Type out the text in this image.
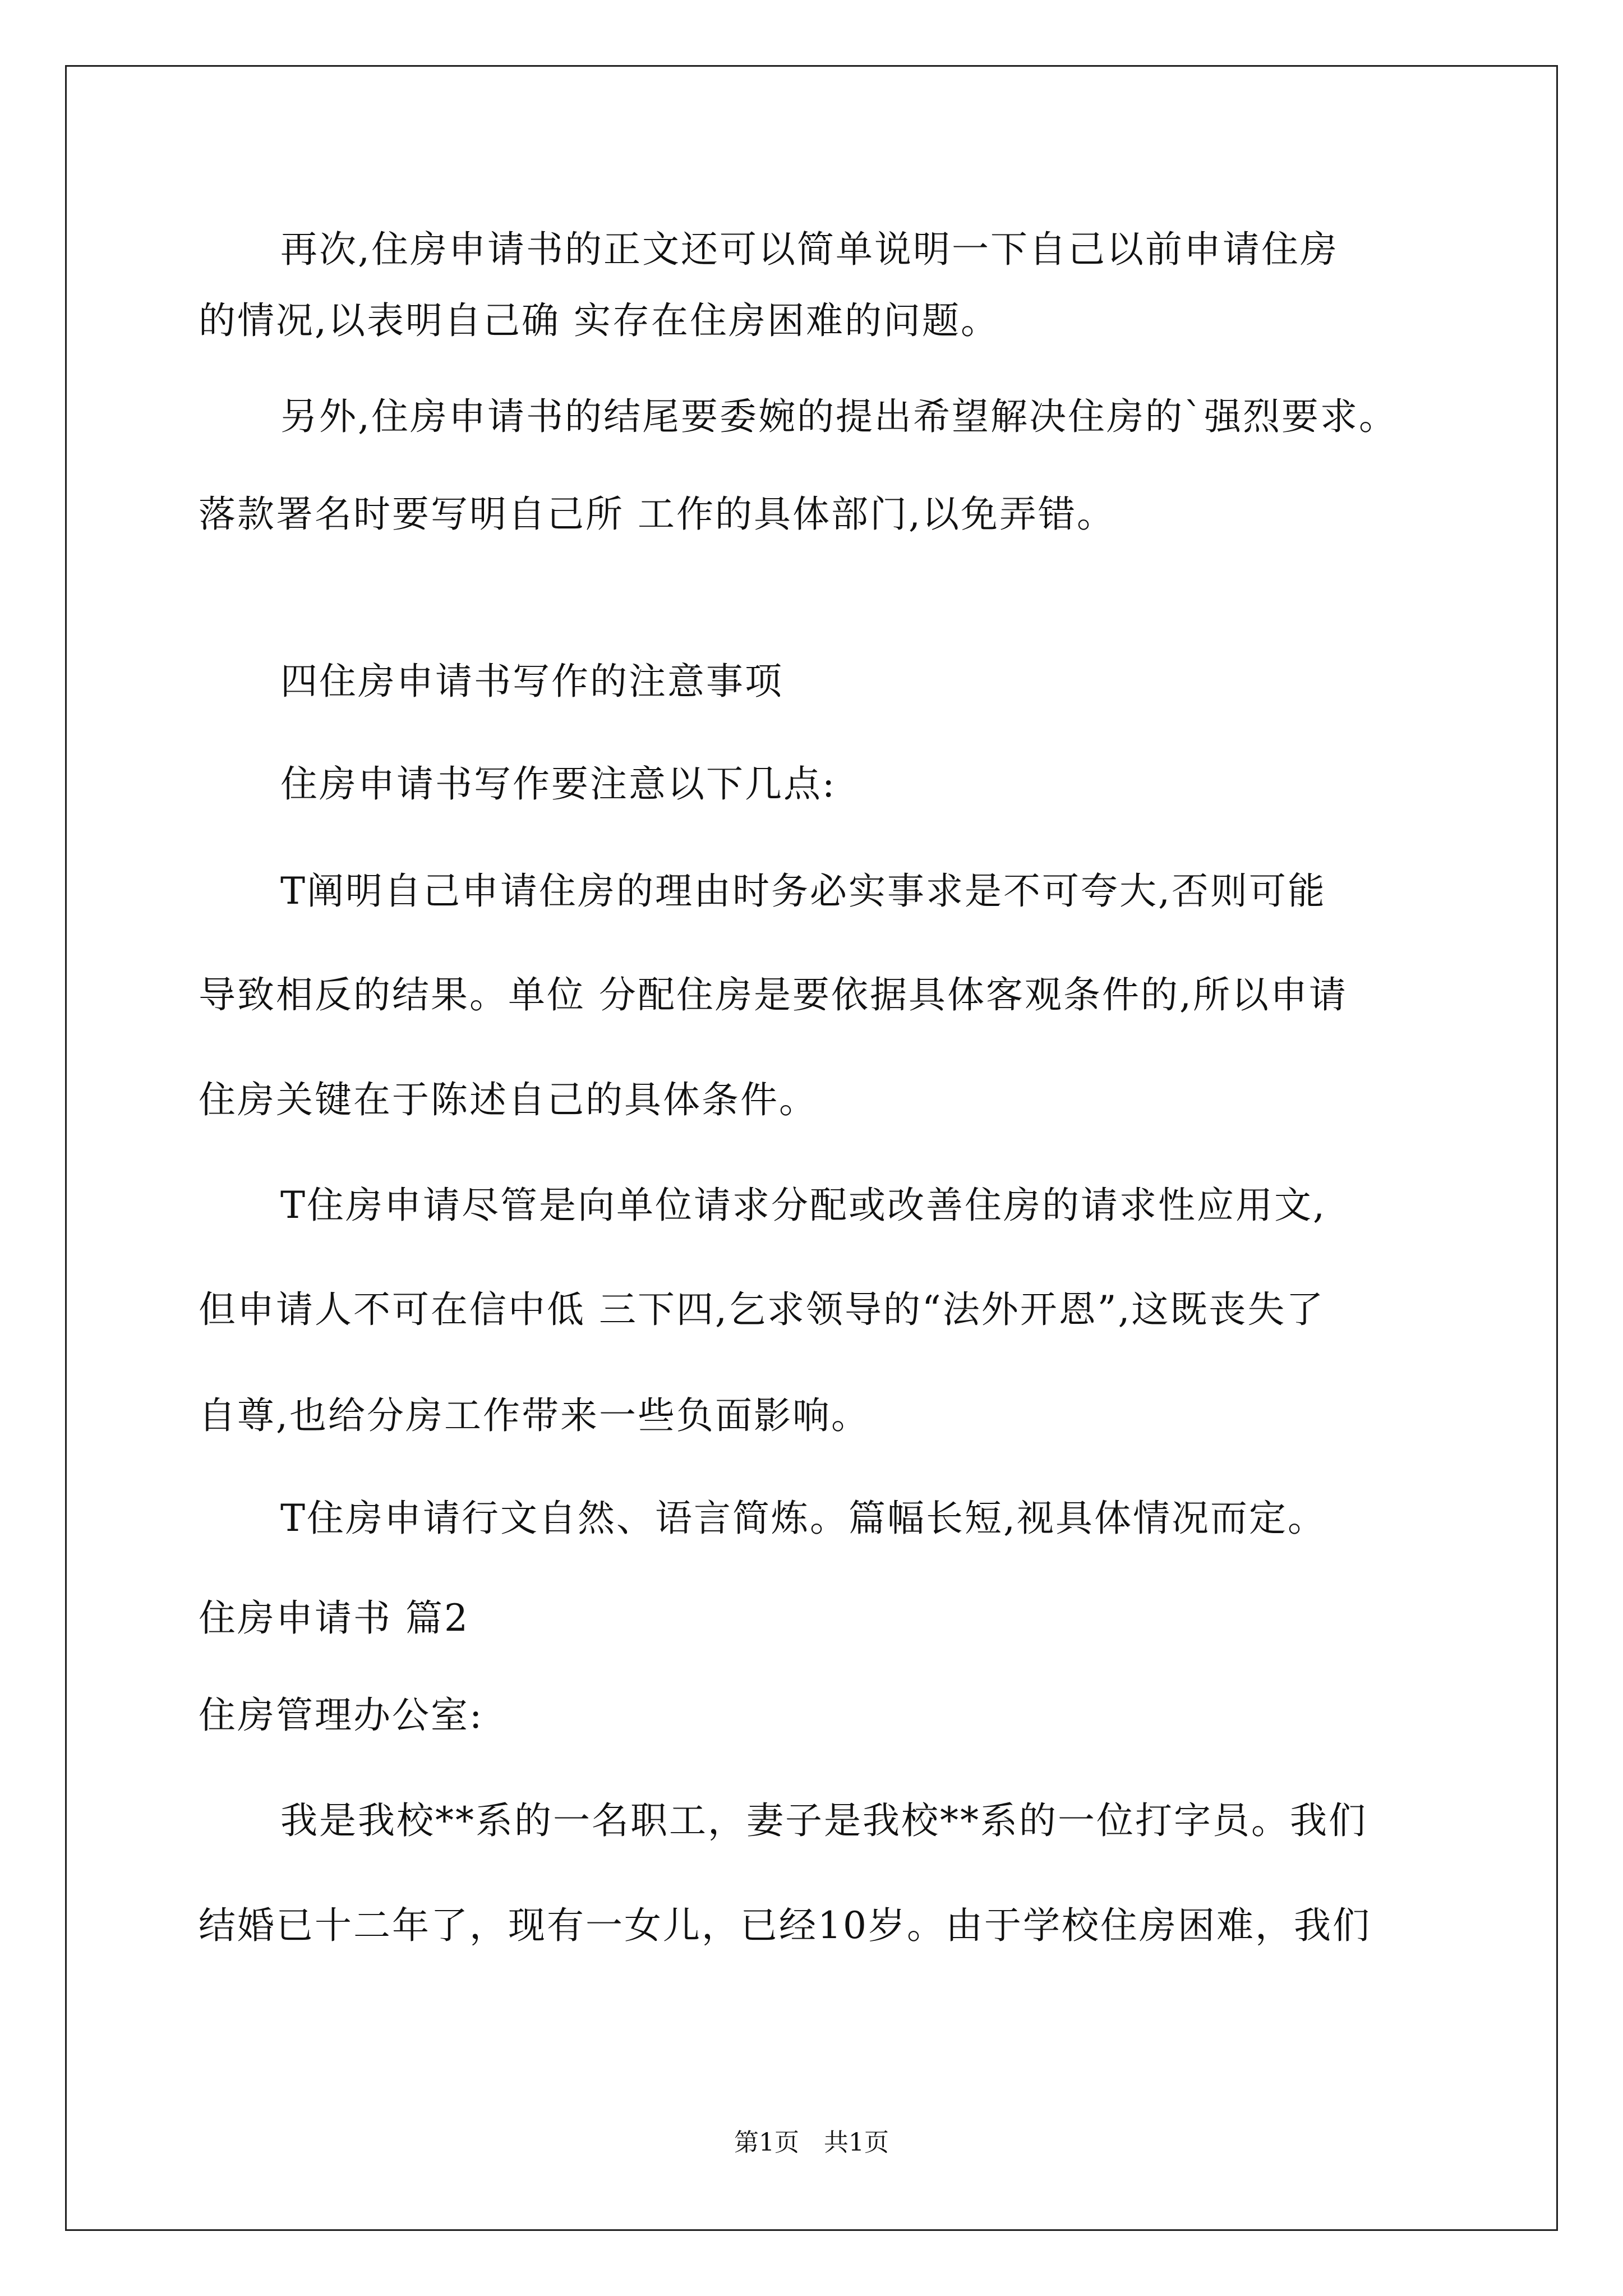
再次,住房申请书的正文还可以简单说明一下自己以前申请住房
的情况,以表明自己确 实存在住房困难的问题。
另外,住房申请书的结尾要委婉的提出希望解决住房的`强烈要求。
落款署名时要写明自己所 工作的具体部门,以免弄错。
四住房申请书写作的注意事项
住房申请书写作要注意以下几点:
T阐明自己申请住房的理由时务必实事求是不可夸大,否则可能
导致相反的结果。单位 分配住房是要依据具体客观条件的,所以申请
住房关键在于陈述自己的具体条件。
T住房申请尽管是向单位请求分配或改善住房的请求性应用文,
但申请人不可在信中低 三下四,乞求领导的“法外开恩”,这既丧失了
自尊,也给分房工作带来一些负面影响。
T住房申请行文自然、语言简炼。篇幅长短,视具体情况而定。
住房申请书 篇2
住房管理办公室:
我是我校**系的一名职工，妻子是我校**系的一位打字员。我们
结婚已十二年了，现有一女儿，已经10岁。由于学校住房困难，我们
第1页　共1页
